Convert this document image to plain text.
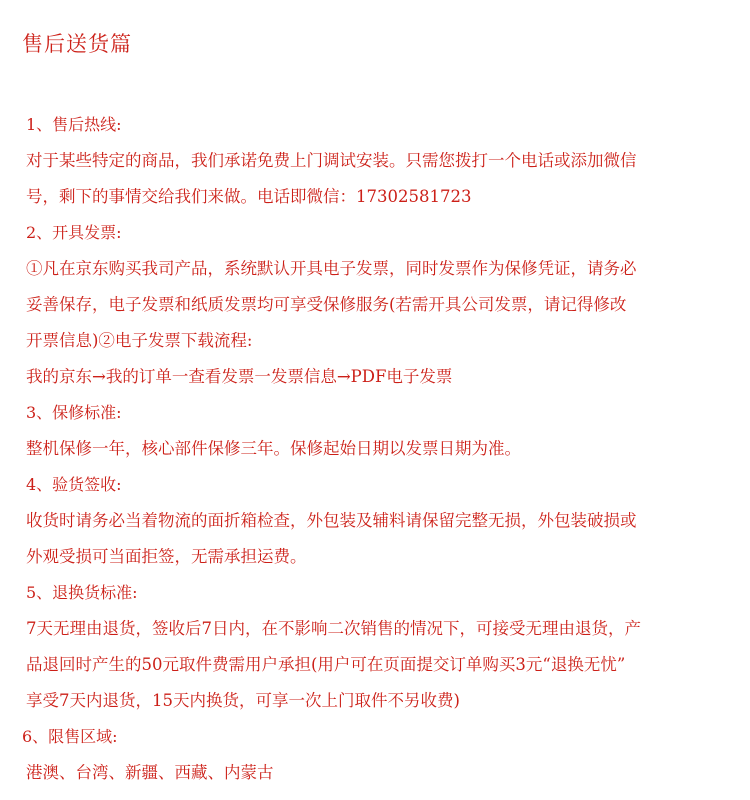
售后送货篇
1、售后热线:
对于某些特定的商品，我们承诺免费上门调试安装。只需您拨打一个电话或添加微信
号，剩下的事情交给我们来做。电话即微信：17302581723
2、开具发票:
①凡在京东购买我司产品，系统默认开具电子发票，同时发票作为保修凭证，请务必
妥善保存，电子发票和纸质发票均可享受保修服务(若需开具公司发票，请记得修改
开票信息)②电子发票下载流程:
我的京东→我的订单一查看发票一发票信息→PDF电子发票
3、保修标准:
整机保修一年，核心部件保修三年。保修起始日期以发票日期为准。
4、验货签收:
收货时请务必当着物流的面折箱检查，外包装及辅料请保留完整无损，外包装破损或
外观受损可当面拒签，无需承担运费。
5、退换货标准:
7天无理由退货，签收后7日内，在不影响二次销售的情况下，可接受无理由退货，产
品退回时产生的50元取件费需用户承担(用户可在页面提交订单购买3元“退换无忧”
享受7天内退货，15天内换货，可享一次上门取件不另收费)
6、限售区域:
港澳、台湾、新疆、西藏、内蒙古
